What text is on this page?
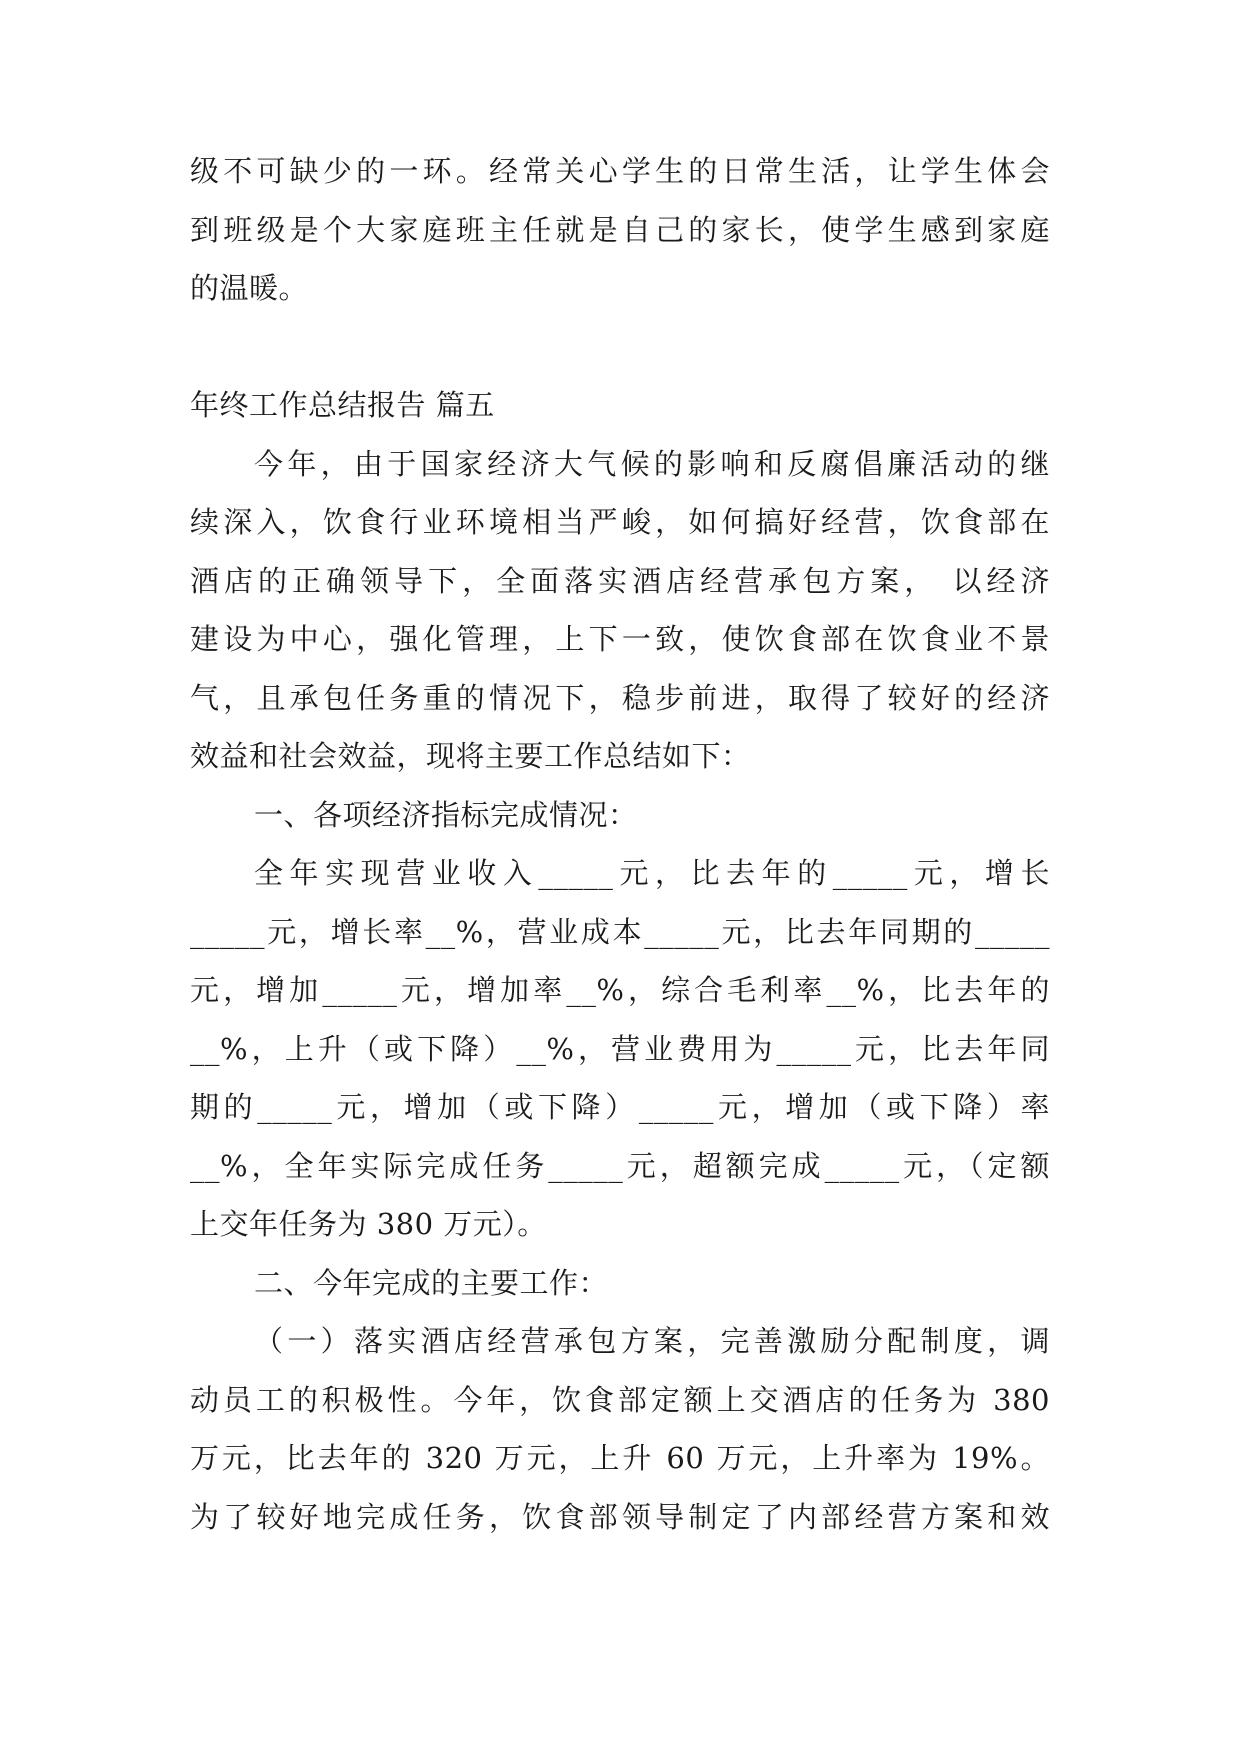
级不可缺少的一环。经常关心学生的日常生活，让学生体会
到班级是个大家庭班主任就是自己的家长，使学生感到家庭
的温暖。
年终工作总结报告 篇五
今年，由于国家经济大气候的影响和反腐倡廉活动的继
续深入，饮食行业环境相当严峻，如何搞好经营，饮食部在
酒店的正确领导下，全面落实酒店经营承包方案， 以经济
建设为中心，强化管理，上下一致，使饮食部在饮食业不景
气，且承包任务重的情况下，稳步前进，取得了较好的经济
效益和社会效益，现将主要工作总结如下：
一、各项经济指标完成情况：
全年实现营业收入_____元，比去年的_____元，增长
_____元，增长率__%，营业成本_____元，比去年同期的_____
元，增加_____元，增加率__%，综合毛利率__%，比去年的
__%，上升（或下降）__%，营业费用为_____元，比去年同
期的_____元，增加（或下降）_____元，增加（或下降）率
__%，全年实际完成任务_____元，超额完成_____元，（定额
上交年任务为 380 万元）。
二、今年完成的主要工作：
（一）落实酒店经营承包方案，完善激励分配制度，调
动员工的积极性。今年，饮食部定额上交酒店的任务为 380
万元，比去年的 320 万元，上升 60 万元，上升率为 19%。
为了较好地完成任务，饮食部领导制定了内部经营方案和效
